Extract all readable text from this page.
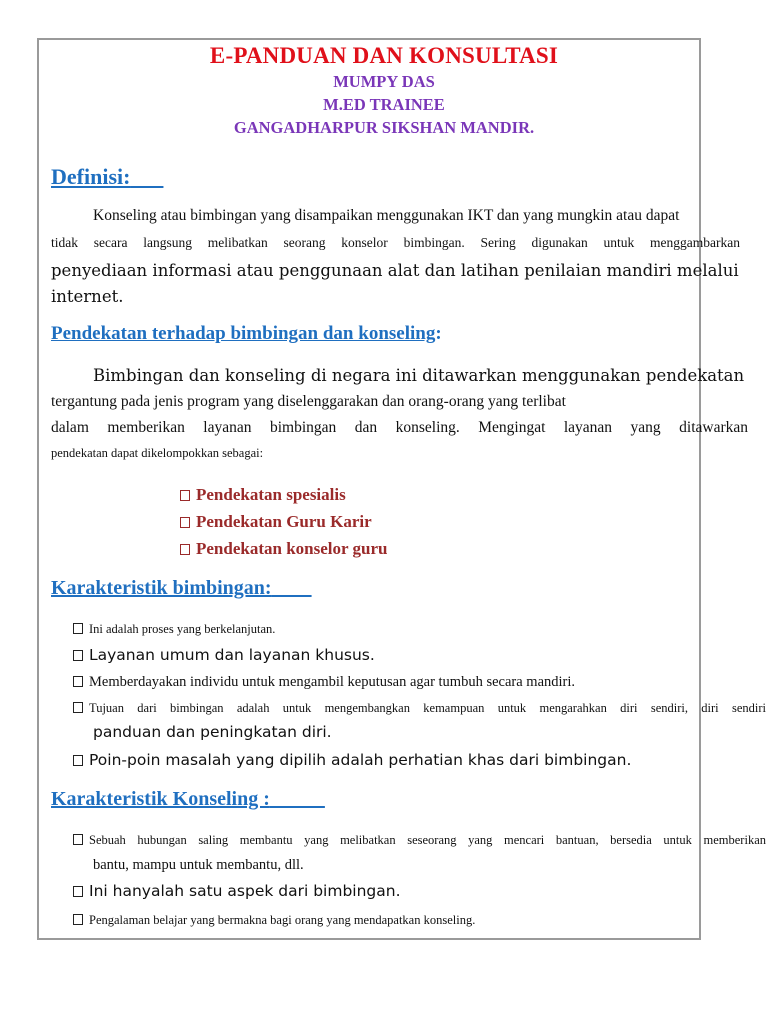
E-PANDUAN DAN KONSULTASI
MUMPY DAS
M.ED TRAINEE
GANGADHARPUR SIKSHAN MANDIR.
Definisi:
Konseling atau bimbingan yang disampaikan menggunakan IKT dan yang mungkin atau dapat
tidak secara langsung melibatkan seorang konselor bimbingan. Sering digunakan untuk menggambarkan
penyediaan informasi atau penggunaan alat dan latihan penilaian mandiri melalui
internet.
Pendekatan terhadap bimbingan dan konseling:
Bimbingan dan konseling di negara ini ditawarkan menggunakan pendekatan
tergantung pada jenis program yang diselenggarakan dan orang-orang yang terlibat
dalam memberikan layanan bimbingan dan konseling. Mengingat layanan yang ditawarkan
pendekatan dapat dikelompokkan sebagai:
Pendekatan spesialis
Pendekatan Guru Karir
Pendekatan konselor guru
Karakteristik bimbingan:
Ini adalah proses yang berkelanjutan.
Layanan umum dan layanan khusus.
Memberdayakan individu untuk mengambil keputusan agar tumbuh secara mandiri.
Tujuan dari bimbingan adalah untuk mengembangkan kemampuan untuk mengarahkan diri sendiri, diri sendiri
panduan dan peningkatan diri.
Poin-poin masalah yang dipilih adalah perhatian khas dari bimbingan.
Karakteristik Konseling :
Sebuah hubungan saling membantu yang melibatkan seseorang yang mencari bantuan, bersedia untuk memberikan
bantu, mampu untuk membantu, dll.
Ini hanyalah satu aspek dari bimbingan.
Pengalaman belajar yang bermakna bagi orang yang mendapatkan konseling.
